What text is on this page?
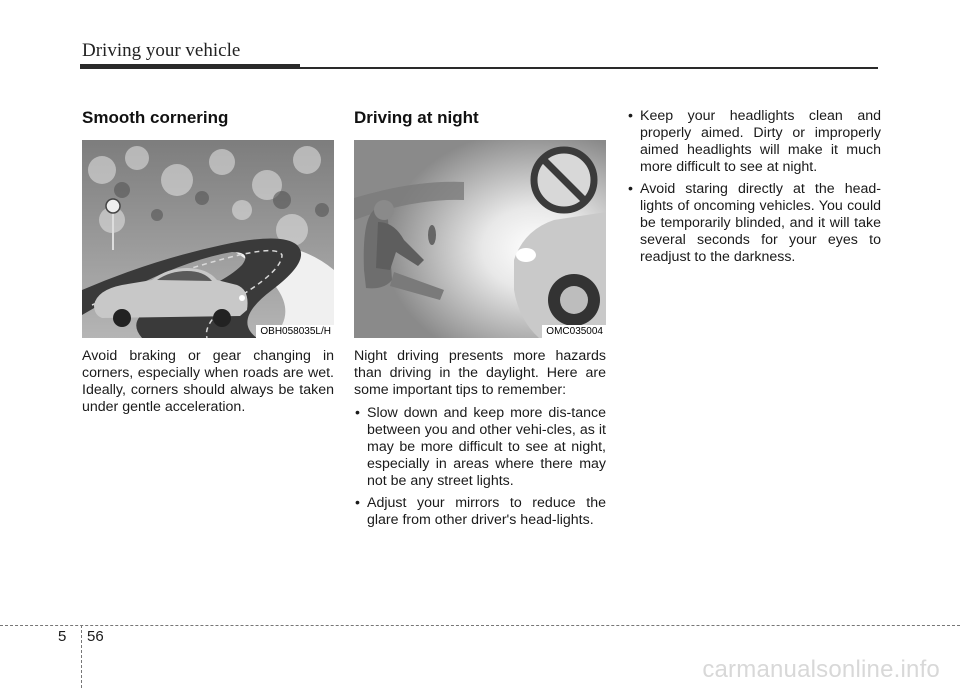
Driving your vehicle
Smooth cornering
OBH058035L/H

Avoid braking or gear changing in corners, especially when roads are wet. Ideally, corners should always be taken under gentle acceleration.

Driving at night
OMC035004

Night driving presents more hazards than driving in the daylight. Here are some important tips to remember:

• Slow down and keep more dis-tance between you and other vehi-cles, as it may be more difficult to see at night, especially in areas where there may not be any street lights.
• Adjust your mirrors to reduce the glare from other driver's head-lights.
• Keep your headlights clean and properly aimed. Dirty or improperly aimed headlights will make it much more difficult to see at night.
• Avoid staring directly at the head-lights of oncoming vehicles. You could be temporarily blinded, and it will take several seconds for your eyes to readjust to the darkness.
5 56
carmanualsonline.info
